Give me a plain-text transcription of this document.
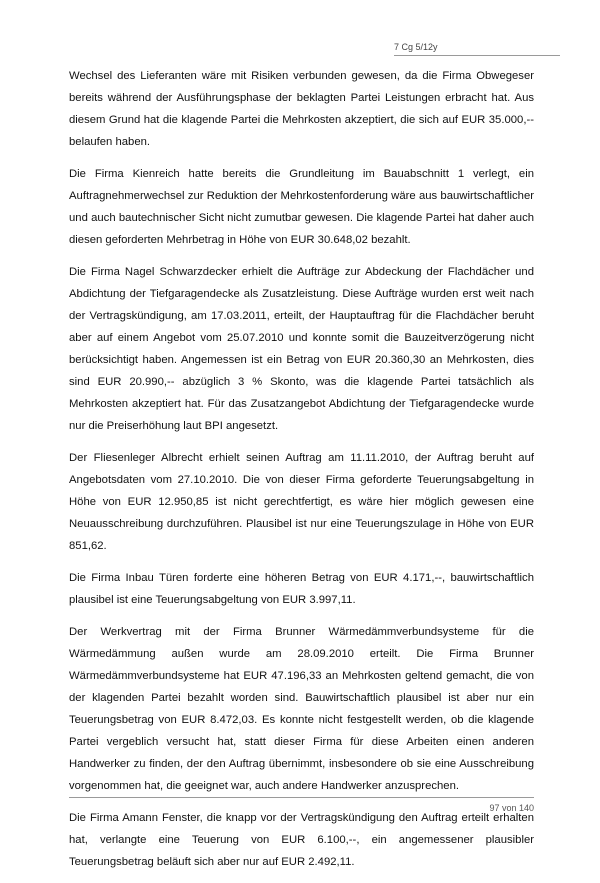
7 Cg 5/12y

Wechsel des Lieferanten wäre mit Risiken verbunden gewesen, da die Firma Obwegeser bereits während der Ausführungsphase der beklagten Partei Leistungen erbracht hat. Aus diesem Grund hat die klagende Partei die Mehrkosten akzeptiert, die sich auf EUR 35.000,-- belaufen haben.

Die Firma Kienreich hatte bereits die Grundleitung im Bauabschnitt 1 verlegt, ein Auftragnehmerwechsel zur Reduktion der Mehrkostenforderung wäre aus bauwirtschaftlicher und auch bautechnischer Sicht nicht zumutbar gewesen. Die klagende Partei hat daher auch diesen geforderten Mehrbetrag in Höhe von EUR 30.648,02 bezahlt.

Die Firma Nagel Schwarzdecker erhielt die Aufträge zur Abdeckung der Flachdächer und Abdichtung der Tiefgaragendecke als Zusatzleistung. Diese Aufträge wurden erst weit nach der Vertragskündigung, am 17.03.2011, erteilt, der Hauptauftrag für die Flachdächer beruht aber auf einem Angebot vom 25.07.2010 und konnte somit die Bauzeitverzögerung nicht berücksichtigt haben. Angemessen ist ein Betrag von EUR 20.360,30 an Mehrkosten, dies sind EUR 20.990,-- abzüglich 3 % Skonto, was die klagende Partei tatsächlich als Mehrkosten akzeptiert hat. Für das Zusatzangebot Abdichtung der Tiefgaragendecke wurde nur die Preiserhöhung laut BPI angesetzt.

Der Fliesenleger Albrecht erhielt seinen Auftrag am 11.11.2010, der Auftrag beruht auf Angebotsdaten vom 27.10.2010. Die von dieser Firma geforderte Teuerungsabgeltung in Höhe von EUR 12.950,85 ist nicht gerechtfertigt, es wäre hier möglich gewesen eine Neuausschreibung durchzuführen. Plausibel ist nur eine Teuerungszulage in Höhe von EUR 851,62.

Die Firma Inbau Türen forderte eine höheren Betrag von EUR 4.171,--, bauwirtschaftlich plausibel ist eine Teuerungsabgeltung von EUR 3.997,11.

Der Werkvertrag mit der Firma Brunner Wärmedämmverbundsysteme für die Wärmedämmung außen wurde am 28.09.2010 erteilt. Die Firma Brunner Wärmedämmverbundsysteme hat EUR 47.196,33 an Mehrkosten geltend gemacht, die von der klagenden Partei bezahlt worden sind. Bauwirtschaftlich plausibel ist aber nur ein Teuerungsbetrag von EUR 8.472,03. Es konnte nicht festgestellt werden, ob die klagende Partei vergeblich versucht hat, statt dieser Firma für diese Arbeiten einen anderen Handwerker zu finden, der den Auftrag übernimmt, insbesondere ob sie eine Ausschreibung vorgenommen hat, die geeignet war, auch andere Handwerker anzusprechen.

Die Firma Amann Fenster, die knapp vor der Vertragskündigung den Auftrag erteilt erhalten hat, verlangte eine Teuerung von EUR 6.100,--, ein angemessener plausibler Teuerungsbetrag beläuft sich aber nur auf EUR 2.492,11.

97 von 140
